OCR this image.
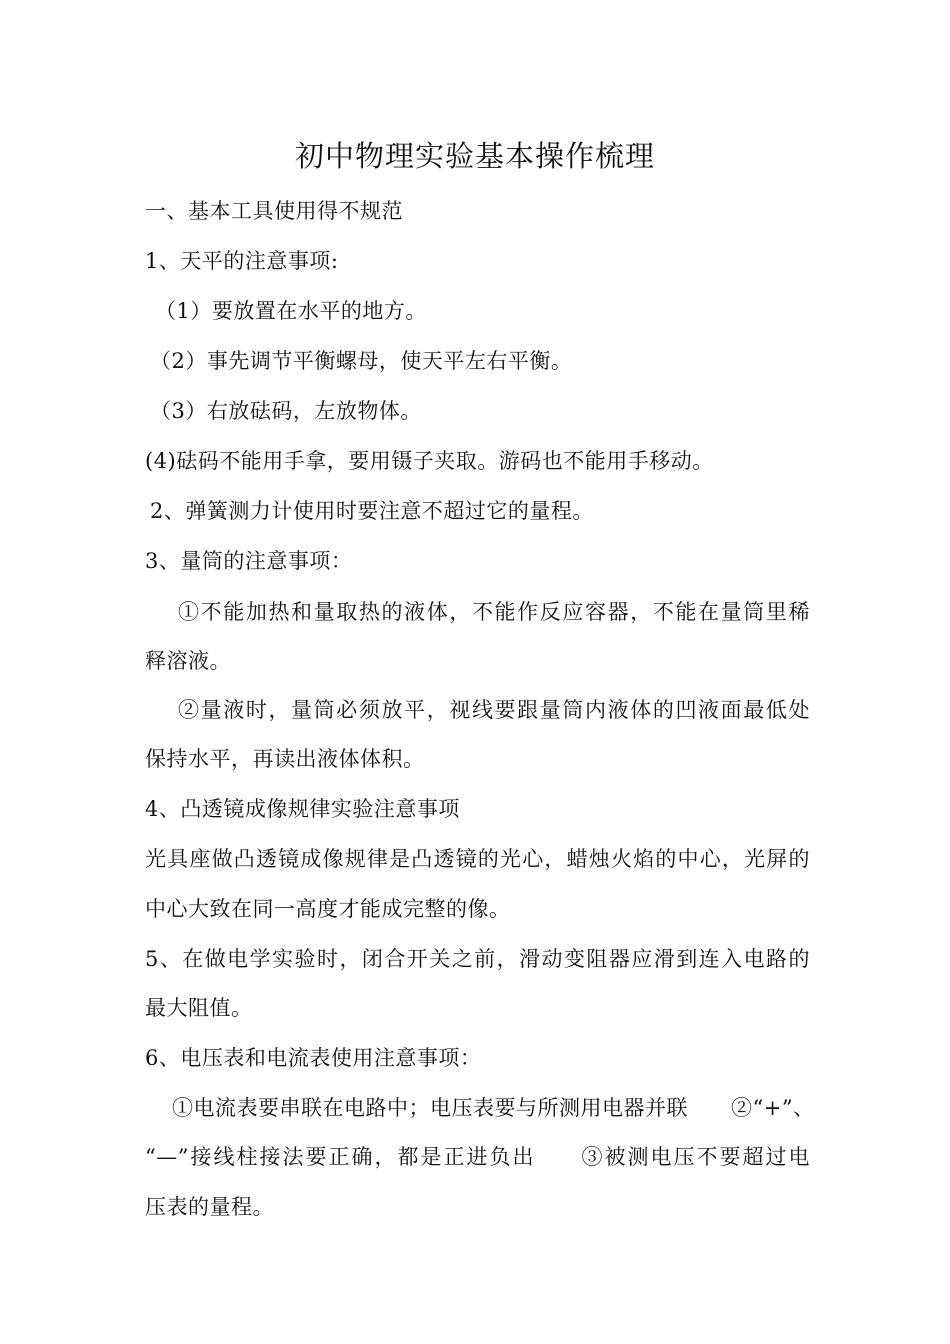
初中物理实验基本操作梳理
一、基本工具使用得不规范
1、天平的注意事项:
（1）要放置在水平的地方。
（2）事先调节平衡螺母，使天平左右平衡。
（3）右放砝码，左放物体。
(4)砝码不能用手拿，要用镊子夹取。游码也不能用手移动。
2、弹簧测力计使用时要注意不超过它的量程。
3、量筒的注意事项：
①不能加热和量取热的液体，不能作反应容器，不能在量筒里稀
释溶液。
②量液时，量筒必须放平，视线要跟量筒内液体的凹液面最低处
保持水平，再读出液体体积。
4、凸透镜成像规律实验注意事项
光具座做凸透镜成像规律是凸透镜的光心，蜡烛火焰的中心，光屏的
中心大致在同一高度才能成完整的像。
5、在做电学实验时，闭合开关之前，滑动变阻器应滑到连入电路的
最大阻值。
6、电压表和电流表使用注意事项：
①电流表要串联在电路中；电压表要与所测用电器并联　　②“+”、
“—”接线柱接法要正确，都是正进负出　　③被测电压不要超过电
压表的量程。
